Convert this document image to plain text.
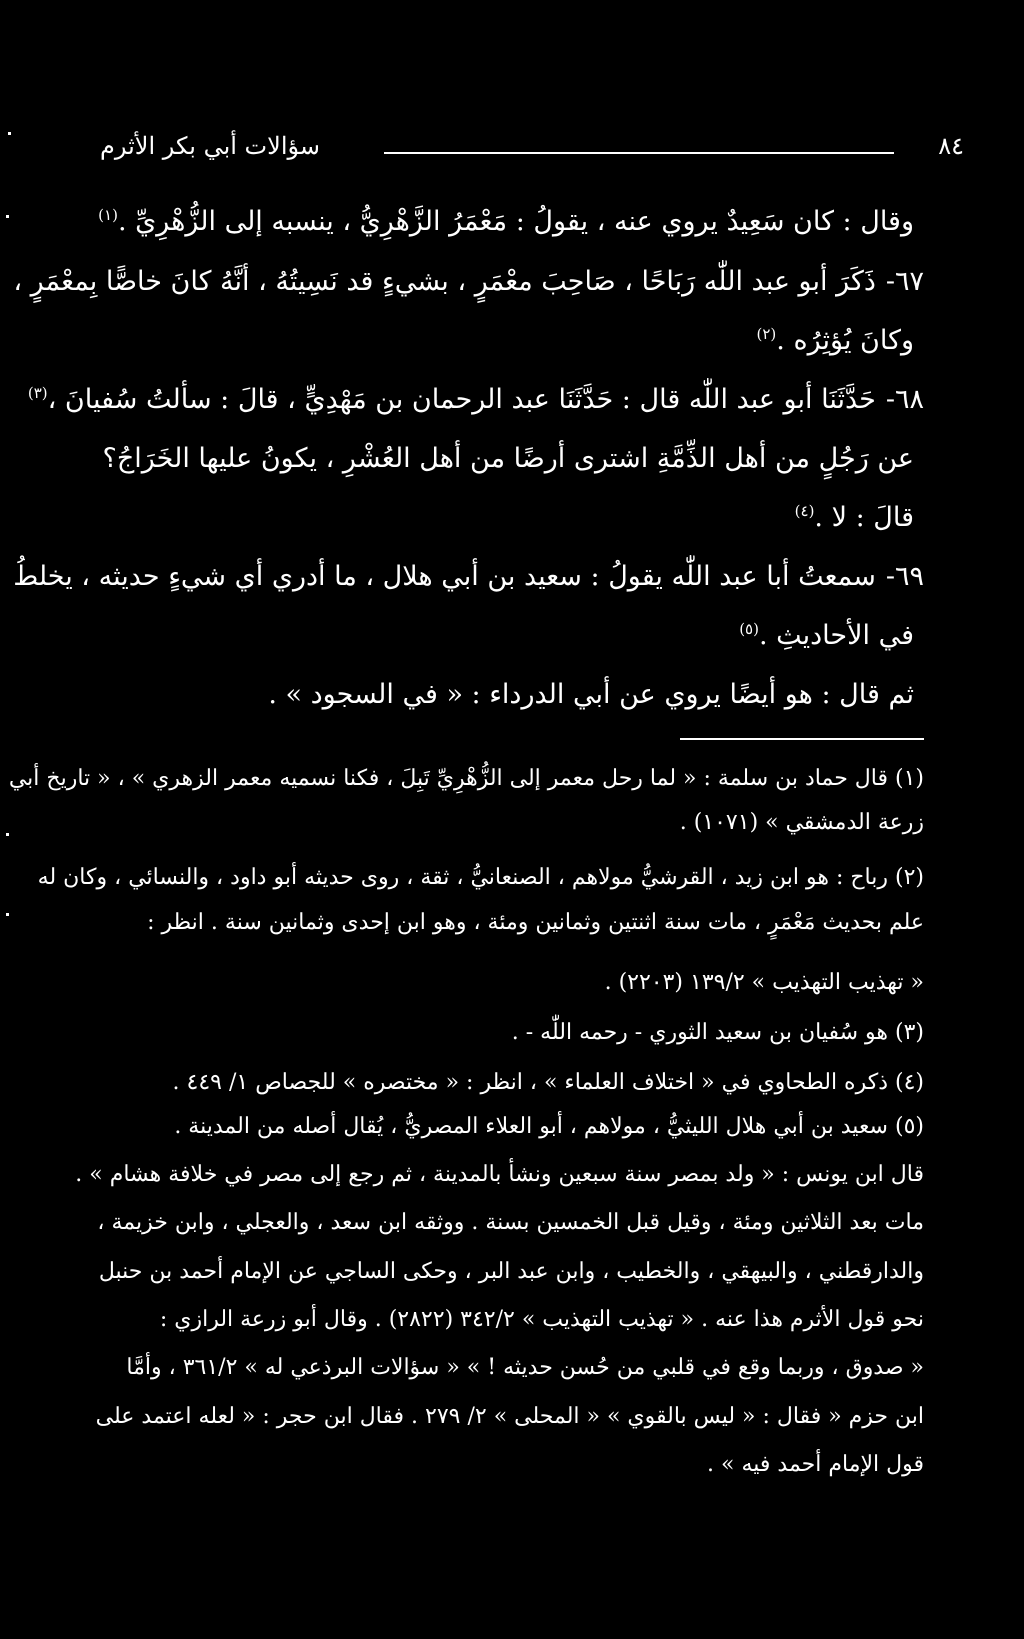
٨٤
سؤالات أبي بكر الأثرم
وقال : كان سَعِيدٌ يروي عنه ، يقولُ : مَعْمَرُ الزَّهْرِيُّ ، ينسبه إلى الزُّهْرِيِّ .$^{(١)}$
٦٧-ذَكَرَ أبو عبد اللّٰه رَبَاحًا ، صَاحِبَ معْمَرٍ ، بشيءٍ قد نَسِيتُهُ ، أنَّهُ كانَ خاصًّا بِمعْمَرٍ ،
وكانَ يُؤثِرُه .$^{(٢)}$
٦٨-حَدَّثَنَا أبو عبد اللّٰه قال : حَدَّثَنَا عبد الرحمان بن مَهْدِيٍّ ، قالَ : سألتُ سُفيانَ ،$^{(٣)}$
عن رَجُلٍ من أهل الذِّمَّةِ اشترى أرضًا من أهل العُشْرِ ، يكونُ عليها الخَرَاجُ؟
قالَ : لا .$^{(٤)}$
٦٩-سمعتُ أبا عبد اللّٰه يقولُ : سعيد بن أبي هلال ، ما أدري أي شيءٍ حديثه ، يخلطُ
في الأحاديثِ .$^{(٥)}$
ثم قال : هو أيضًا يروي عن أبي الدرداء : « في السجود » .
(١) قال حماد بن سلمة : « لما رحل معمر إلى الزُّهْرِيِّ تَبِلَ ، فكنا نسميه معمر الزهري » ، « تاريخ أبي
زرعة الدمشقي » (١٠٧١) .
(٢) رباح : هو ابن زيد ، القرشيُّ مولاهم ، الصنعانيُّ ، ثقة ، روى حديثه أبو داود ، والنسائي ، وكان له
علم بحديث مَعْمَرٍ ، مات سنة اثنتين وثمانين ومئة ، وهو ابن إحدى وثمانين سنة . انظر :
« تهذيب التهذيب » ١٣٩/٢ (٢٢٠٣) .
(٣) هو سُفيان بن سعيد الثوري - رحمه اللّٰه - .
(٤) ذكره الطحاوي في « اختلاف العلماء » ، انظر : « مختصره » للجصاص ١/ ٤٤٩ .
(٥) سعيد بن أبي هلال الليثيُّ ، مولاهم ، أبو العلاء المصريُّ ، يُقال أصله من المدينة .
قال ابن يونس : « ولد بمصر سنة سبعين ونشأ بالمدينة ، ثم رجع إلى مصر في خلافة هشام » .
مات بعد الثلاثين ومئة ، وقيل قبل الخمسين بسنة . ووثقه ابن سعد ، والعجلي ، وابن خزيمة ،
والدارقطني ، والبيهقي ، والخطيب ، وابن عبد البر ، وحكى الساجي عن الإمام أحمد بن حنبل
نحو قول الأثرم هذا عنه . « تهذيب التهذيب » ٣٤٢/٢ (٢٨٢٢) . وقال أبو زرعة الرازي :
« صدوق ، وربما وقع في قلبي من حُسن حديثه ! » « سؤالات البرذعي له » ٣٦١/٢ ، وأمَّا
ابن حزم « فقال : « ليس بالقوي » « المحلى » ٢/ ٢٧٩ . فقال ابن حجر : « لعله اعتمد على
قول الإمام أحمد فيه » .
